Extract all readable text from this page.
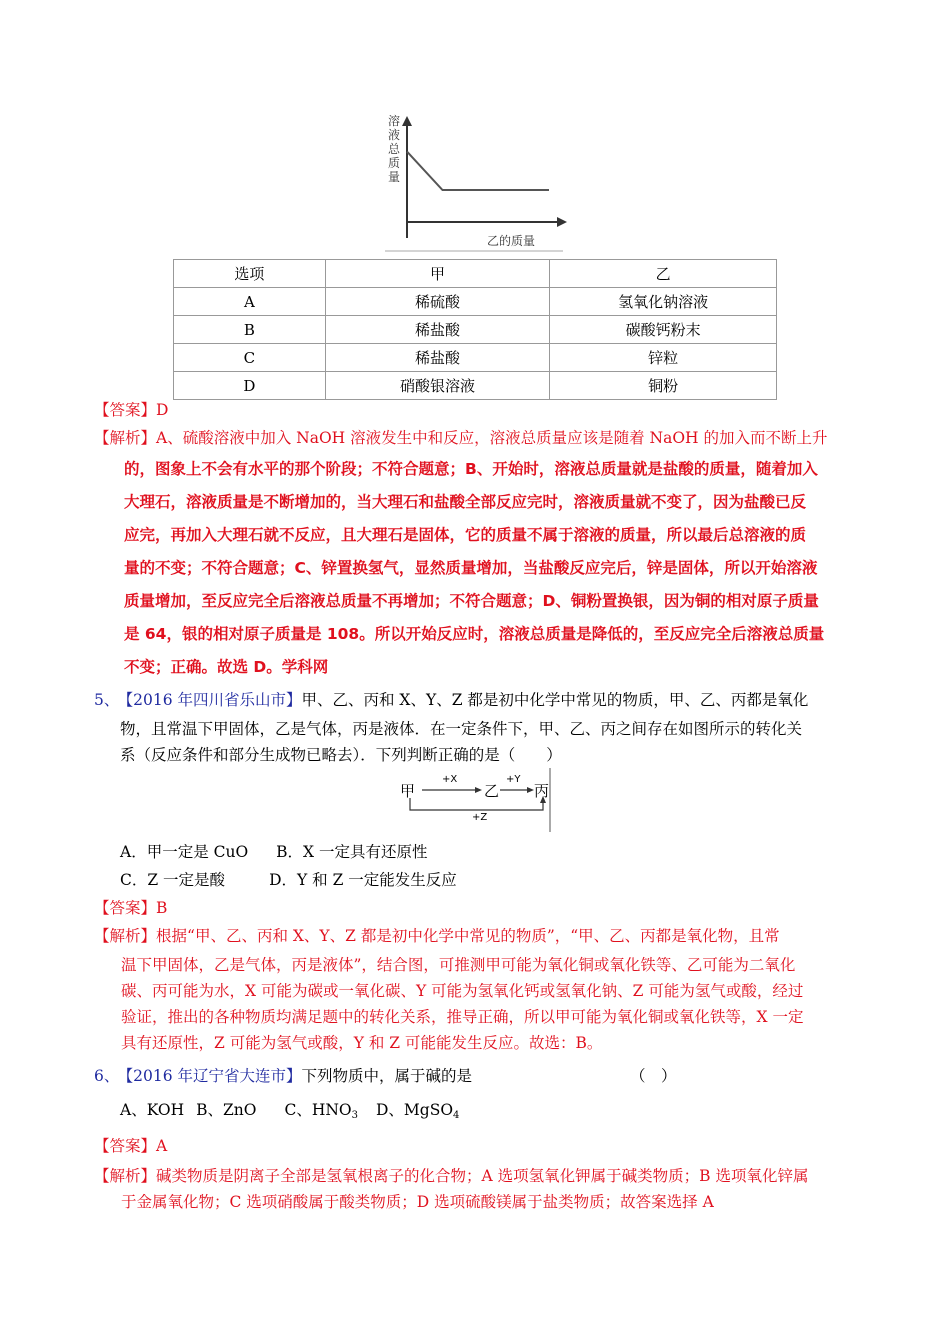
溶液总质量
乙的质量
选项	甲	乙
A	稀硫酸	氢氧化钠溶液
B	稀盐酸	碳酸钙粉末
C	稀盐酸	锌粒
D	硝酸银溶液	铜粉
【答案】D
【解析】A、硫酸溶液中加入 NaOH 溶液发生中和反应，溶液总质量应该是随着 NaOH 的加入而不断上升
的，图象上不会有水平的那个阶段；不符合题意；B、开始时，溶液总质量就是盐酸的质量，随着加入
大理石，溶液质量是不断增加的，当大理石和盐酸全部反应完时，溶液质量就不变了，因为盐酸已反
应完，再加入大理石就不反应，且大理石是固体，它的质量不属于溶液的质量，所以最后总溶液的质
量的不变；不符合题意；C、锌置换氢气，显然质量增加，当盐酸反应完后，锌是固体，所以开始溶液
质量增加，至反应完全后溶液总质量不再增加；不符合题意；D、铜粉置换银，因为铜的相对原子质量
是 64，银的相对原子质量是 108。所以开始反应时，溶液总质量是降低的，至反应完全后溶液总质量
不变；正确。故选 D。学科网
5、 【2016 年四川省乐山市】甲、乙、丙和 X、Y、Z 都是初中化学中常见的物质，甲、乙、丙都是氧化
物，且常温下甲固体，乙是气体，丙是液体．在一定条件下，甲、乙、丙之间存在如图所示的转化关
系（反应条件和部分生成物已略去）．下列判断正确的是（　　）
甲	乙 丙
+X	+Y
+Z
A．甲一定是 CuO B．X 一定具有还原性
C．Z 一定是酸	D．Y 和 Z 一定能发生反应
【答案】B
【解析】根据“甲、乙、丙和 X、Y、Z 都是初中化学中常见的物质”，“甲、乙、丙都是氧化物，且常
温下甲固体，乙是气体，丙是液体”，结合图，可推测甲可能为氧化铜或氧化铁等、乙可能为二氧化
碳、丙可能为水，X 可能为碳或一氧化碳、Y 可能为氢氧化钙或氢氧化钠、Z 可能为氢气或酸，经过
验证，推出的各种物质均满足题中的转化关系，推导正确，所以甲可能为氧化铜或氧化铁等，X 一定
具有还原性，Z 可能为氢气或酸，Y 和 Z 可能能发生反应。故选：B。
6、 【2016 年辽宁省大连市】下列物质中，属于碱的是	（　）
A、KOH B、ZnO C、$HNO_3$ D、MgSO$_4$
【答案】A
【解析】碱类物质是阴离子全部是氢氧根离子的化合物；A 选项氢氧化钾属于碱类物质；B 选项氧化锌属
于金属氧化物；C 选项硝酸属于酸类物质；D 选项硫酸镁属于盐类物质；故答案选择 A
